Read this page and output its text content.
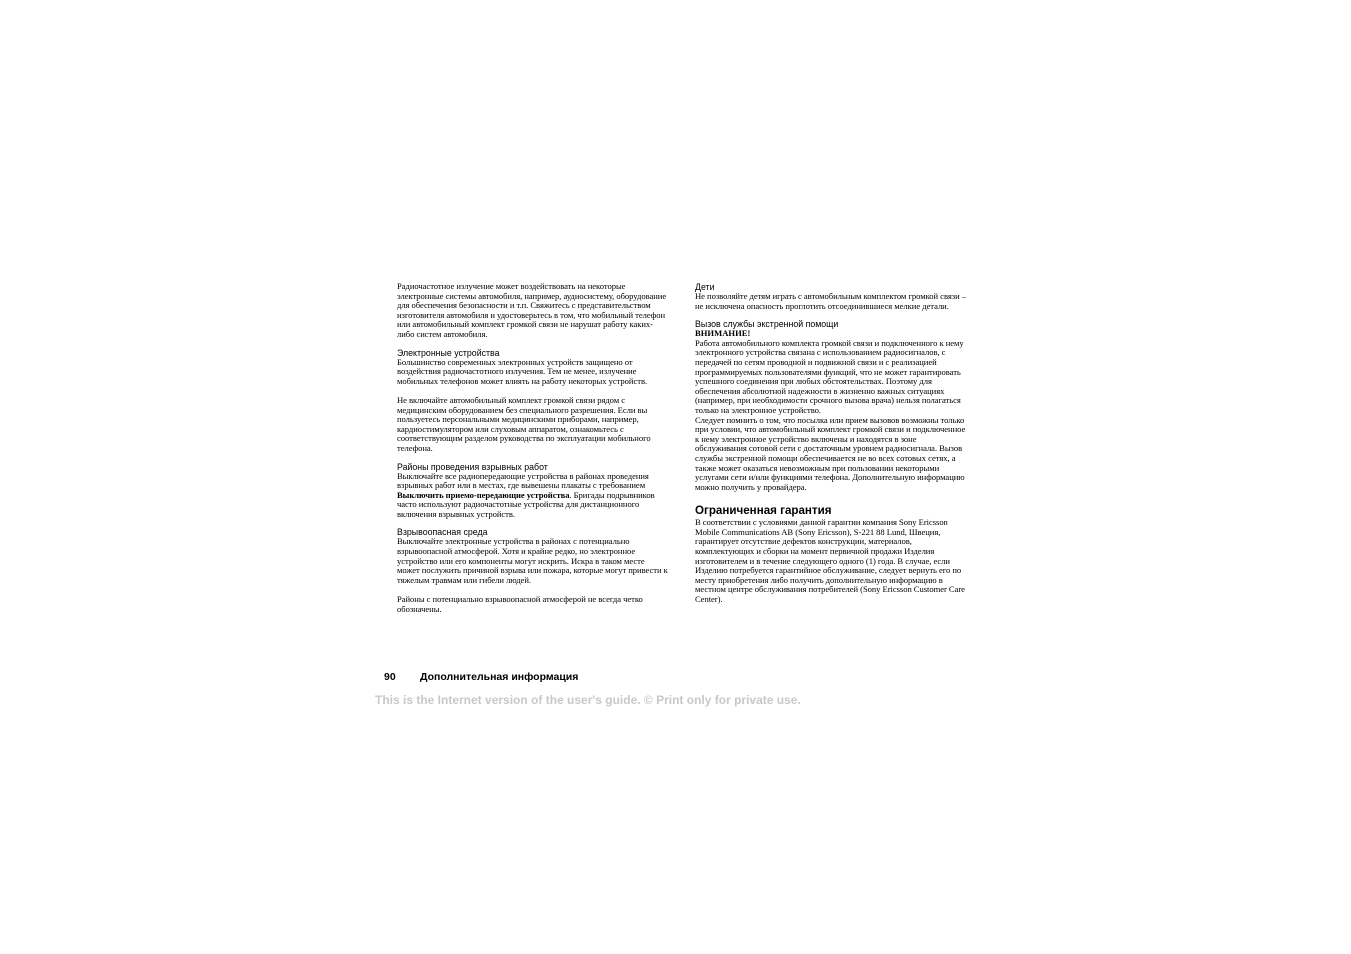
Радиочастотное излучение может воздействовать на некоторые электронные системы автомобиля, например, аудиосистему, оборудование для обеспечения безопасности и т.п. Свяжитесь с представительством изготовителя автомобиля и удостоверьтесь в том, что мобильный телефон или автомобильный комплект громкой связи не нарушат работу каких-либо систем автомобиля.

Электронные устройства

Большинство современных электронных устройств защищено от воздействия радиочастотного излучения. Тем не менее, излучение мобильных телефонов может влиять на работу некоторых устройств.

Не включайте автомобильный комплект громкой связи рядом с медицинским оборудованием без специального разрешения. Если вы пользуетесь персональными медицинскими приборами, например, кардиостимулятором или слуховым аппаратом, ознакомьтесь с соответствующим разделом руководства по эксплуатации мобильного телефона.

Районы проведения взрывных работ

Выключайте все радиопередающие устройства в районах проведения взрывных работ или в местах, где вывешены плакаты с требованием Выключить приемо-передающие устройства. Бригады подрывников часто используют радиочастотные устройства для дистанционного включения взрывных устройств.

Взрывоопасная среда

Выключайте электронные устройства в районах с потенциально взрывоопасной атмосферой. Хотя и крайне редко, но электронное устройство или его компоненты могут искрить. Искра в таком месте может послужить причиной взрыва или пожара, которые могут привести к тяжелым травмам или гибели людей.

Районы с потенциально взрывоопасной атмосферой не всегда четко обозначены.

Дети

Не позволяйте детям играть с автомобильным комплектом громкой связи – не исключена опасность проглотить отсоединившиеся мелкие детали.

Вызов службы экстренной помощи

ВНИМАНИЕ!

Работа автомобильного комплекта громкой связи и подключенного к нему электронного устройства связана с использованием радиосигналов, с передачей по сетям проводной и подвижной связи и с реализацией программируемых пользователями функций, что не может гарантировать успешного соединения при любых обстоятельствах. Поэтому для обеспечения абсолютной надежности в жизненно важных ситуациях (например, при необходимости срочного вызова врача) нельзя полагаться только на электронное устройство.

Следует помнить о том, что посылка или прием вызовов возможны только при условии, что автомобильный комплект громкой связи и подключенное к нему электронное устройство включены и находятся в зоне обслуживания сотовой сети с достаточным уровнем радиосигнала. Вызов службы экстренной помощи обеспечивается не во всех сотовых сетях, а также может оказаться невозможным при пользовании некоторыми услугами сети и/или функциями телефона. Дополнительную информацию можно получить у провайдера.

Ограниченная гарантия

В соответствии с условиями данной гарантии компания Sony Ericsson Mobile Communications AB (Sony Ericsson), S-221 88 Lund, Швеция, гарантирует отсутствие дефектов конструкции, материалов, комплектующих и сборки на момент первичной продажи Изделия изготовителем и в течение следующего одного (1) года. В случае, если Изделию потребуется гарантийное обслуживание, следует вернуть его по месту приобретения либо получить дополнительную информацию в местном центре обслуживания потребителей (Sony Ericsson Customer Care Center).

90 Дополнительная информация
This is the Internet version of the user's guide. © Print only for private use.
